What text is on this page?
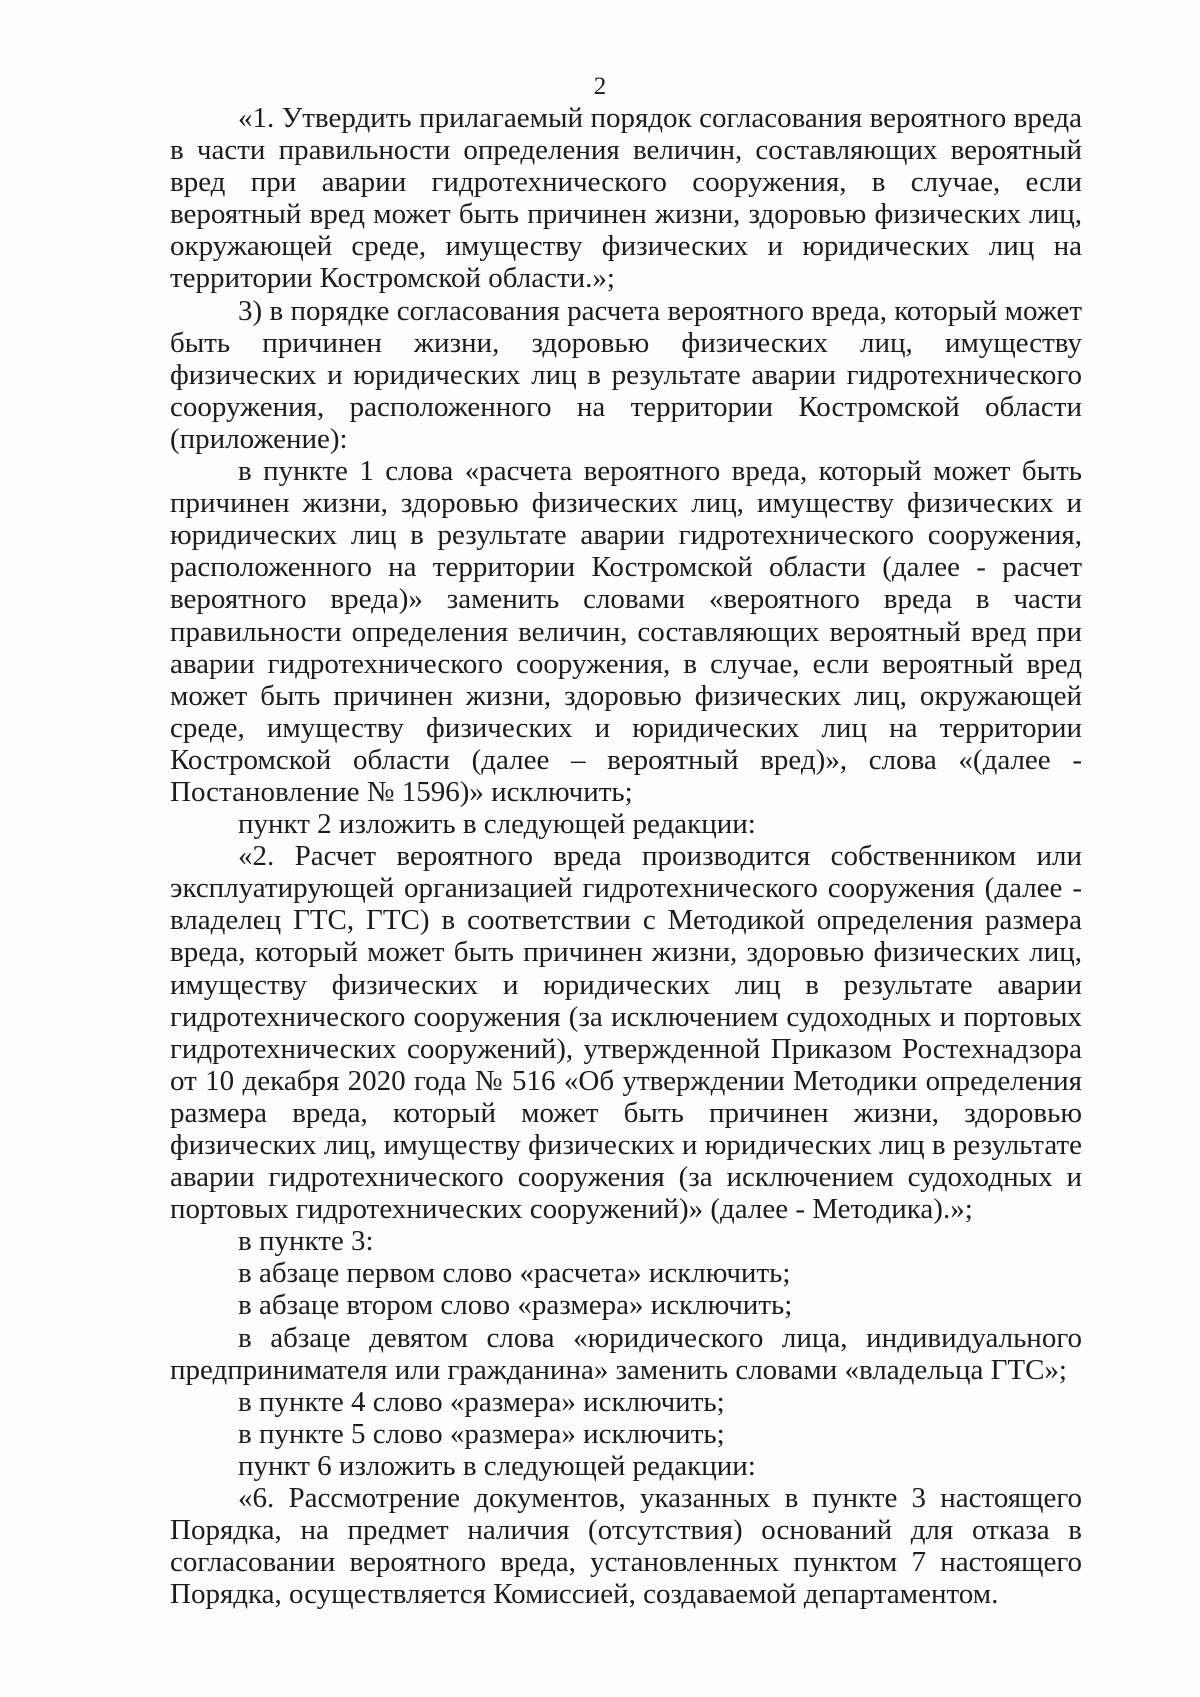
2

«1. Утвердить прилагаемый порядок согласования вероятного вреда в части правильности определения величин, составляющих вероятный вред при аварии гидротехнического сооружения, в случае, если вероятный вред может быть причинен жизни, здоровью физических лиц, окружающей среде, имуществу физических и юридических лиц на территории Костромской области.»;

3) в порядке согласования расчета вероятного вреда, который может быть причинен жизни, здоровью физических лиц, имуществу физических и юридических лиц в результате аварии гидротехнического сооружения, расположенного на территории Костромской области (приложение):

в пункте 1 слова «расчета вероятного вреда, который может быть причинен жизни, здоровью физических лиц, имуществу физических и юридических лиц в результате аварии гидротехнического сооружения, расположенного на территории Костромской области (далее - расчет вероятного вреда)» заменить словами «вероятного вреда в части правильности определения величин, составляющих вероятный вред при аварии гидротехнического сооружения, в случае, если вероятный вред может быть причинен жизни, здоровью физических лиц, окружающей среде, имуществу физических и юридических лиц на территории Костромской области (далее – вероятный вред)», слова «(далее - Постановление № 1596)» исключить;

пункт 2 изложить в следующей редакции:

«2. Расчет вероятного вреда производится собственником или эксплуатирующей организацией гидротехнического сооружения (далее - владелец ГТС, ГТС) в соответствии с Методикой определения размера вреда, который может быть причинен жизни, здоровью физических лиц, имуществу физических и юридических лиц в результате аварии гидротехнического сооружения (за исключением судоходных и портовых гидротехнических сооружений), утвержденной Приказом Ростехнадзора от 10 декабря 2020 года № 516 «Об утверждении Методики определения размера вреда, который может быть причинен жизни, здоровью физических лиц, имуществу физических и юридических лиц в результате аварии гидротехнического сооружения (за исключением судоходных и портовых гидротехнических сооружений)» (далее - Методика).»;

в пункте 3:

в абзаце первом слово «расчета» исключить;

в абзаце втором слово «размера» исключить;

в абзаце девятом слова «юридического лица, индивидуального предпринимателя или гражданина» заменить словами «владельца ГТС»;

в пункте 4 слово «размера» исключить;

в пункте 5 слово «размера» исключить;

пункт 6 изложить в следующей редакции:

«6. Рассмотрение документов, указанных в пункте 3 настоящего Порядка, на предмет наличия (отсутствия) оснований для отказа в согласовании вероятного вреда, установленных пунктом 7 настоящего Порядка, осуществляется Комиссией, создаваемой департаментом.
